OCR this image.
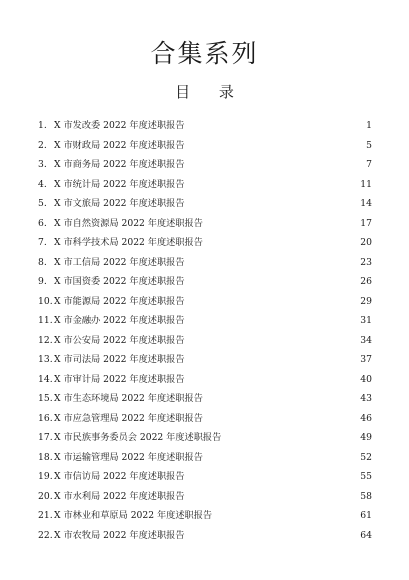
合集系列
目 录
1. X 市发改委 2022 年度述职报告	1
2. X 市财政局 2022 年度述职报告	5
3. X 市商务局 2022 年度述职报告	7
4. X 市统计局 2022 年度述职报告	11
5. X 市文旅局 2022 年度述职报告	14
6. X 市自然资源局 2022 年度述职报告	17
7. X 市科学技术局 2022 年度述职报告	20
8. X 市工信局 2022 年度述职报告	23
9. X 市国资委 2022 年度述职报告	26
10. X 市能源局 2022 年度述职报告	29
11. X 市金融办 2022 年度述职报告	31
12. X 市公安局 2022 年度述职报告	34
13. X 市司法局 2022 年度述职报告	37
14. X 市审计局 2022 年度述职报告	40
15. X 市生态环境局 2022 年度述职报告	43
16. X 市应急管理局 2022 年度述职报告	46
17. X 市民族事务委员会 2022 年度述职报告	49
18. X 市运输管理局 2022 年度述职报告	52
19. X 市信访局 2022 年度述职报告	55
20. X 市水利局 2022 年度述职报告	58
21. X 市林业和草原局 2022 年度述职报告	61
22. X 市农牧局 2022 年度述职报告	64
